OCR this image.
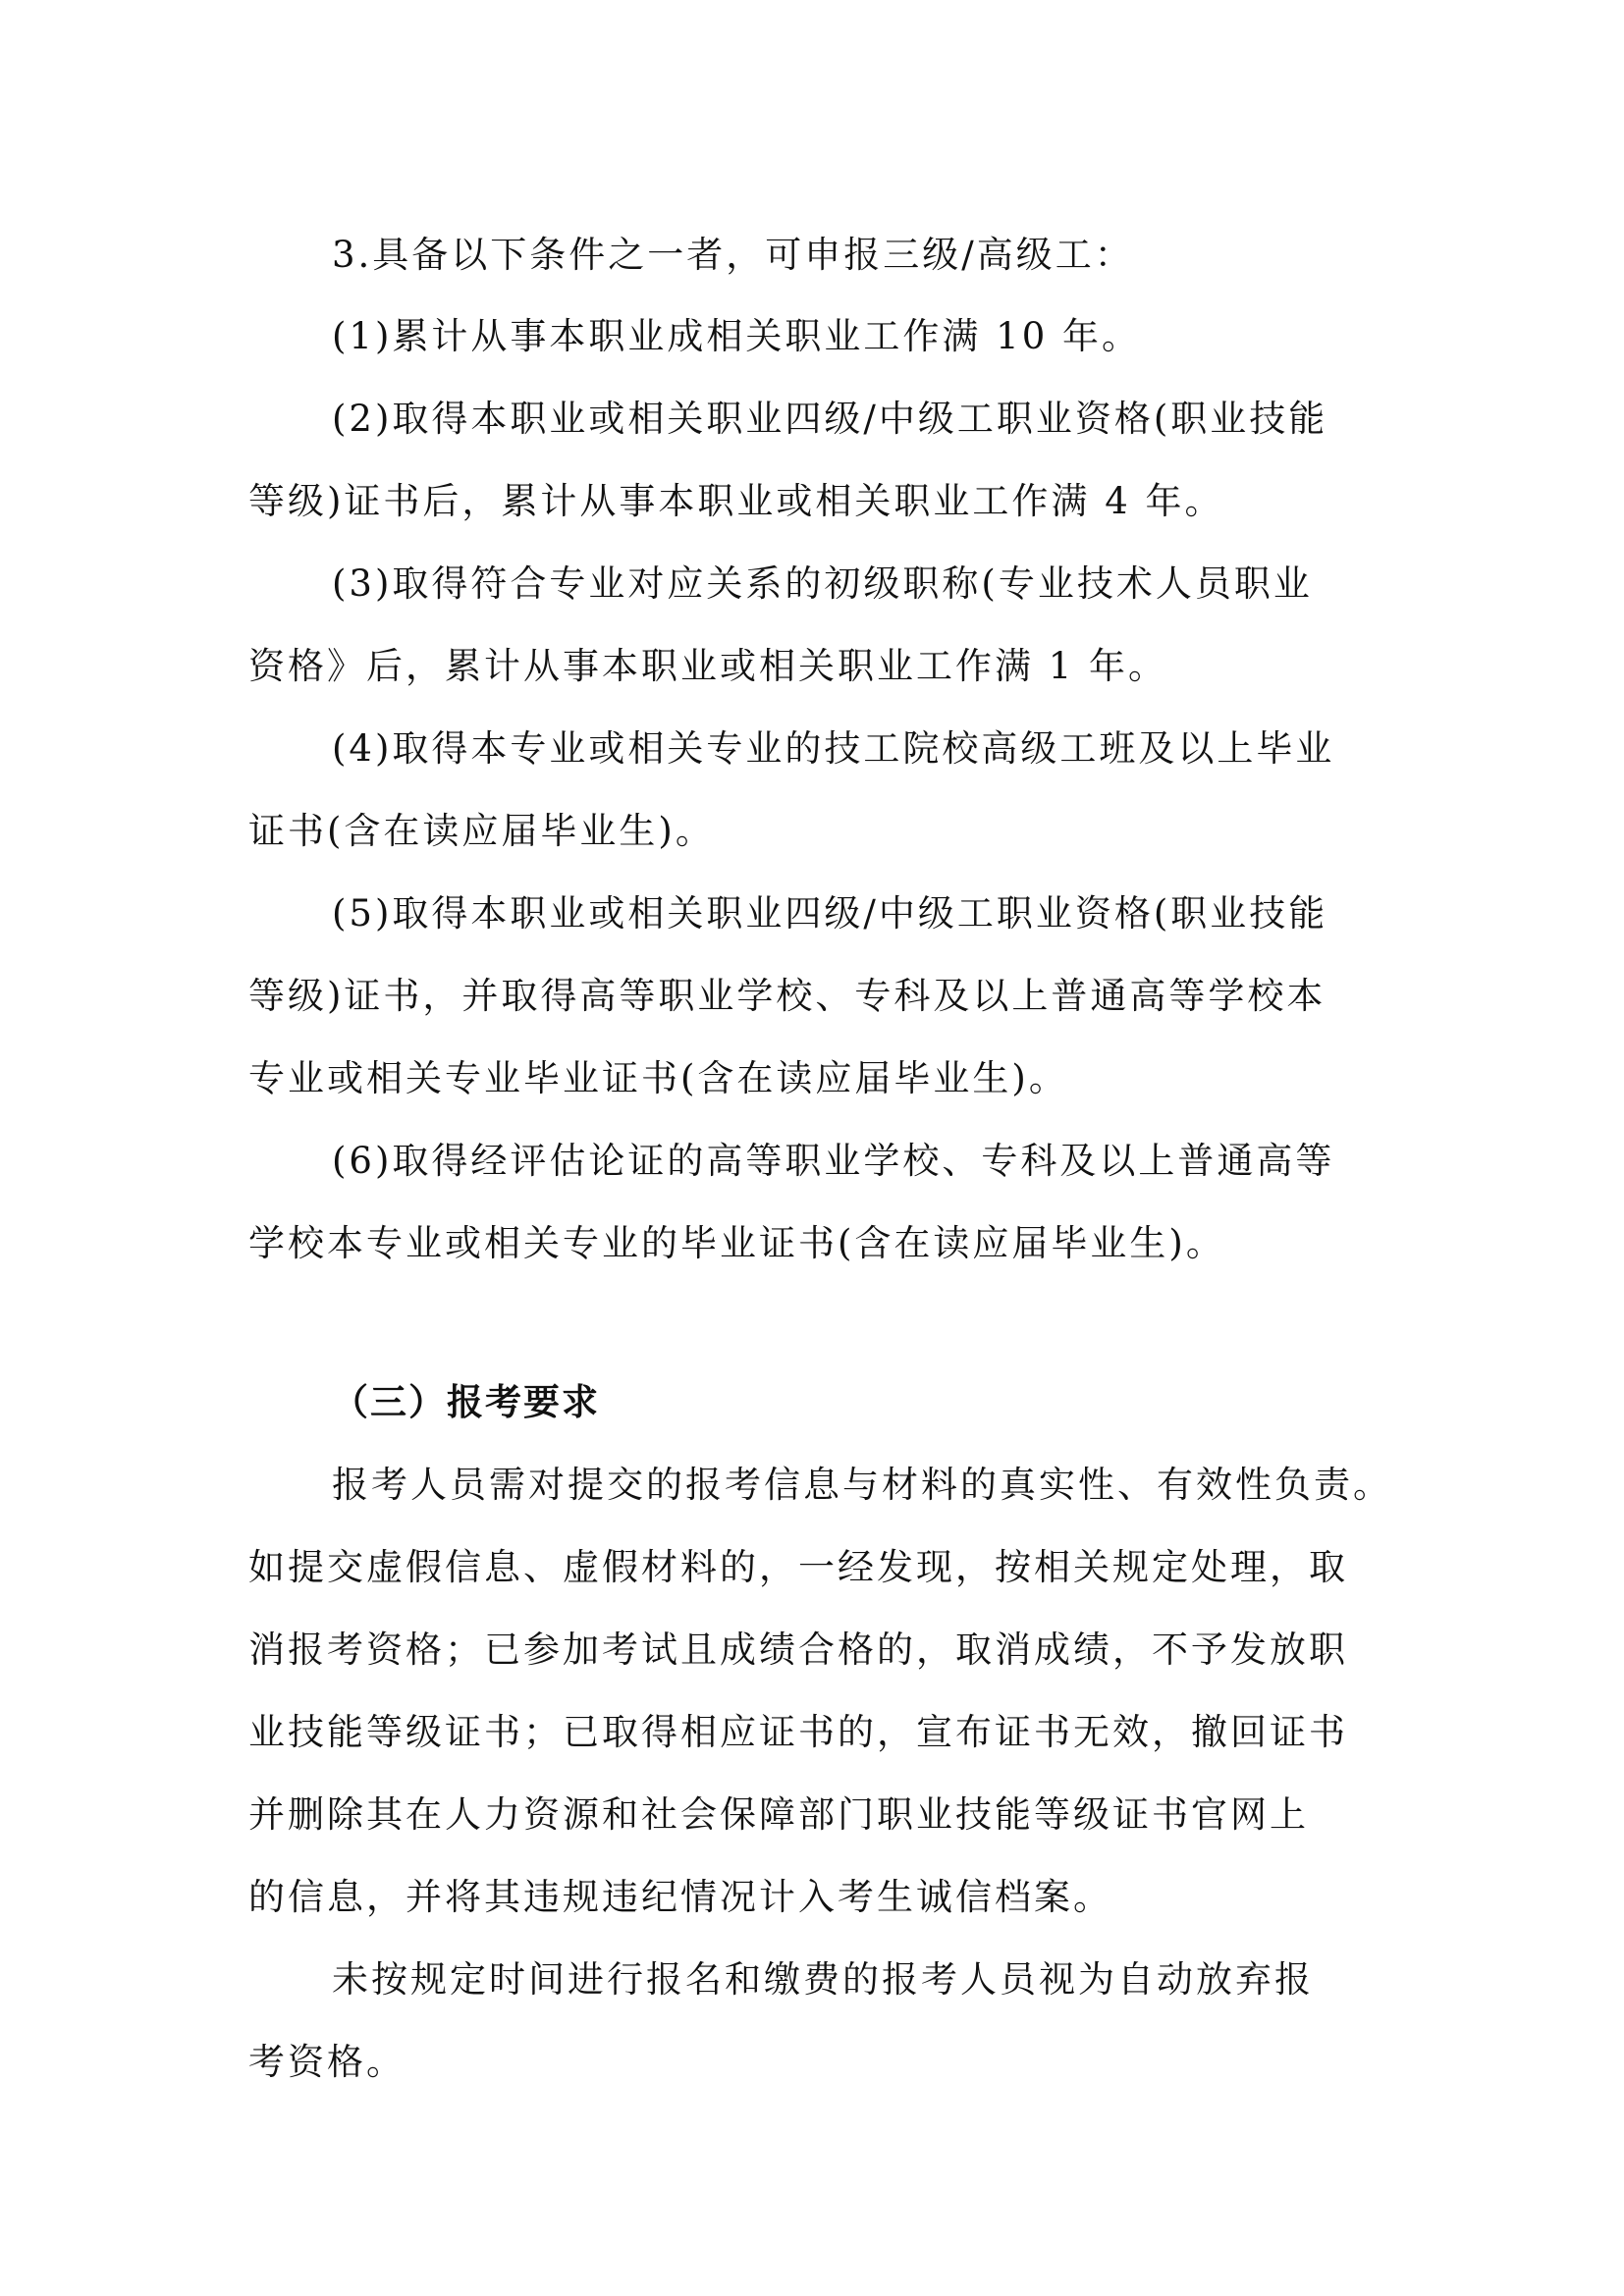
3.具备以下条件之一者，可申报三级/高级工：
(1)累计从事本职业成相关职业工作满 10 年。
(2)取得本职业或相关职业四级/中级工职业资格(职业技能
等级)证书后，累计从事本职业或相关职业工作满 4 年。
(3)取得符合专业对应关系的初级职称(专业技术人员职业
资格》后，累计从事本职业或相关职业工作满 1 年。
(4)取得本专业或相关专业的技工院校高级工班及以上毕业
证书(含在读应届毕业生)。
(5)取得本职业或相关职业四级/中级工职业资格(职业技能
等级)证书，并取得高等职业学校、专科及以上普通高等学校本
专业或相关专业毕业证书(含在读应届毕业生)。
(6)取得经评估论证的高等职业学校、专科及以上普通高等
学校本专业或相关专业的毕业证书(含在读应届毕业生)。
（三）报考要求
报考人员需对提交的报考信息与材料的真实性、有效性负责。
如提交虚假信息、虚假材料的，一经发现，按相关规定处理，取
消报考资格；已参加考试且成绩合格的，取消成绩，不予发放职
业技能等级证书；已取得相应证书的，宣布证书无效，撤回证书
并删除其在人力资源和社会保障部门职业技能等级证书官网上
的信息，并将其违规违纪情况计入考生诚信档案。
未按规定时间进行报名和缴费的报考人员视为自动放弃报
考资格。
